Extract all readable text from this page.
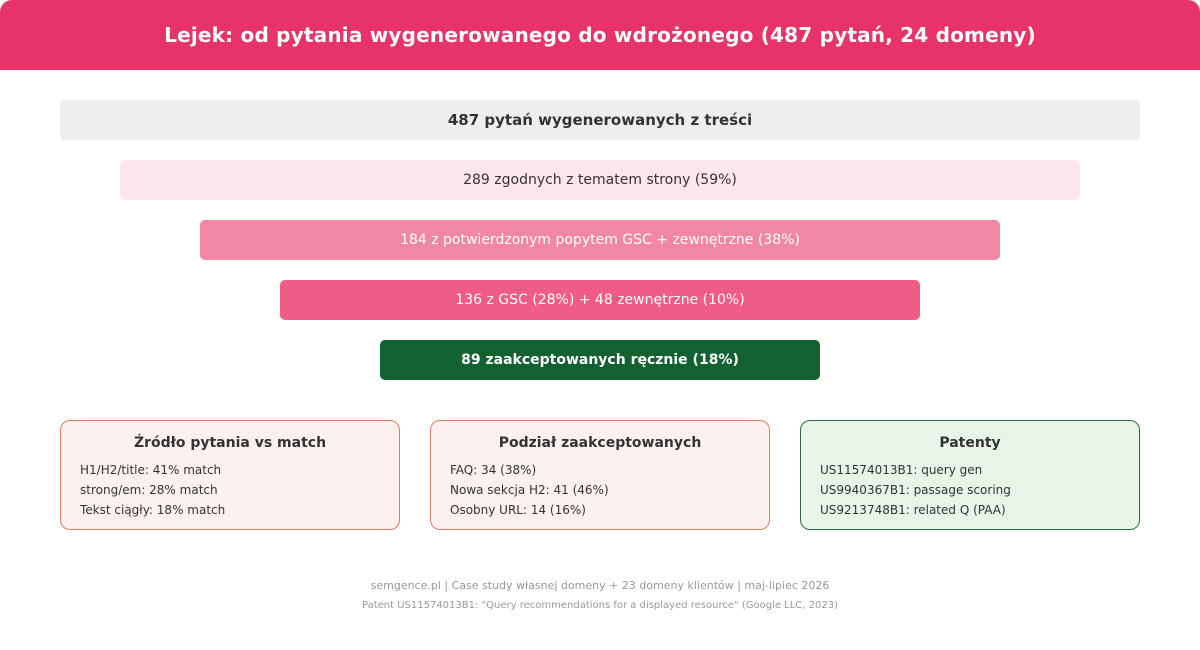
Lejek: od pytania wygenerowanego do wdrożonego (487 pytań, 24 domeny)
487 pytań wygenerowanych z treści
289 zgodnych z tematem strony (59%)
184 z potwierdzonym popytem GSC + zewnętrzne (38%)
136 z GSC (28%) + 48 zewnętrzne (10%)
89 zaakceptowanych ręcznie (18%)
Źródło pytania vs match
H1/H2/title: 41% match
strong/em: 28% match
Tekst ciągły: 18% match
Podział zaakceptowanych
FAQ: 34 (38%)
Nowa sekcja H2: 41 (46%)
Osobny URL: 14 (16%)
Patenty
US11574013B1: query gen
US9940367B1: passage scoring
US9213748B1: related Q (PAA)
semgence.pl | Case study własnej domeny + 23 domeny klientów | maj-lipiec 2026
Patent US11574013B1: "Query recommendations for a displayed resource" (Google LLC, 2023)
